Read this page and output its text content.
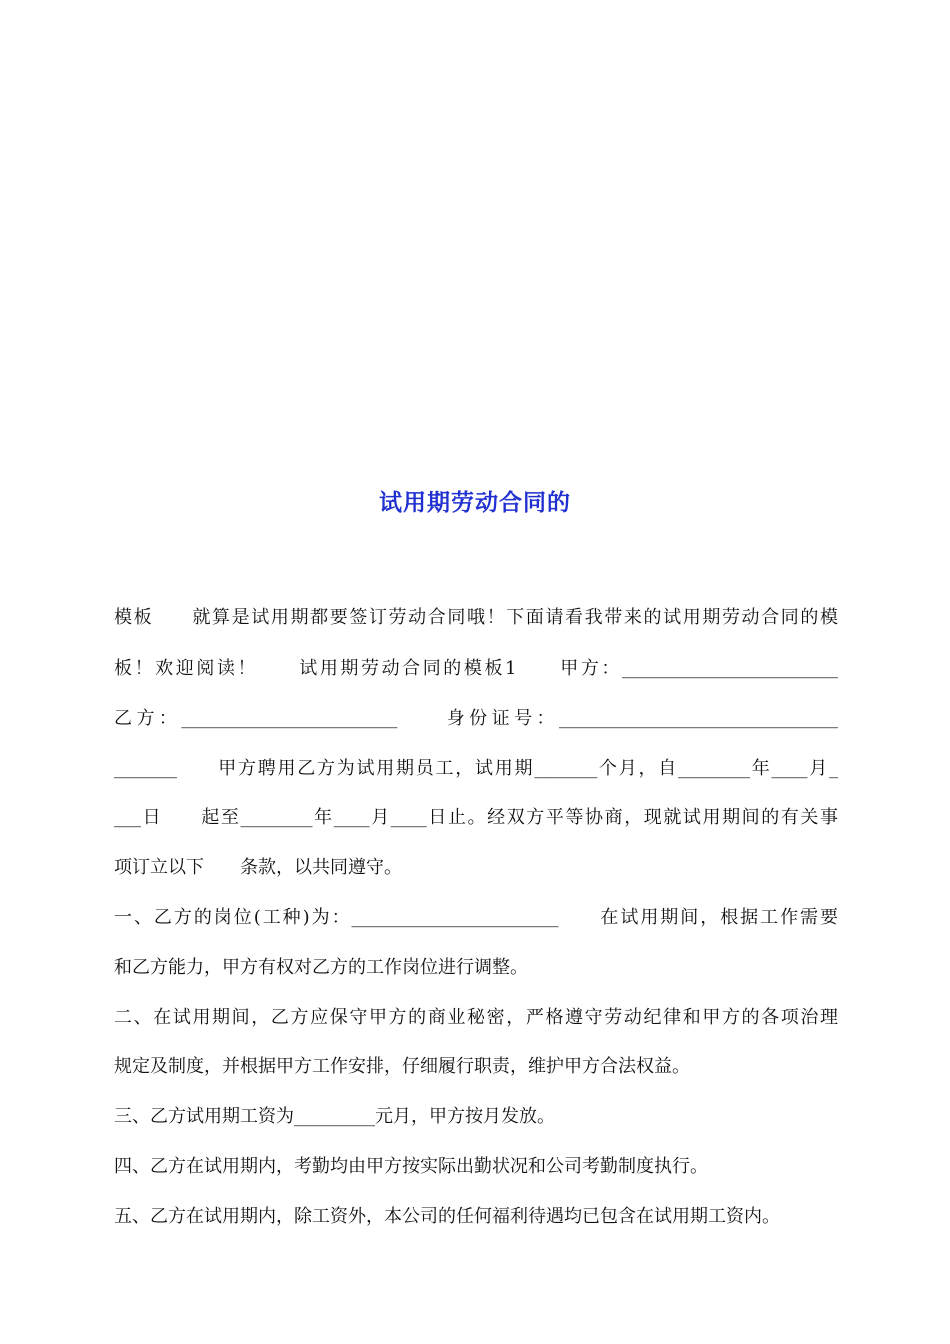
试用期劳动合同的
模板　　就算是试用期都要签订劳动合同哦！下面请看我带来的试用期劳动合同的模
板！欢迎阅读！　　试用期劳动合同的模板1　　甲方：________________________
乙方：________________________　　身份证号：_______________________________
_______　　甲方聘用乙方为试用期员工，试用期_______个月，自________年____月_
___日　　起至________年____月____日止。经双方平等协商，现就试用期间的有关事
项订立以下　　条款，以共同遵守。
一、乙方的岗位(工种)为：_______________________　　在试用期间，根据工作需要
和乙方能力，甲方有权对乙方的工作岗位进行调整。
二、在试用期间，乙方应保守甲方的商业秘密，严格遵守劳动纪律和甲方的各项治理
规定及制度，并根据甲方工作安排，仔细履行职责，维护甲方合法权益。
三、乙方试用期工资为_________元月，甲方按月发放。
四、乙方在试用期内，考勤均由甲方按实际出勤状况和公司考勤制度执行。
五、乙方在试用期内，除工资外，本公司的任何福利待遇均已包含在试用期工资内。
